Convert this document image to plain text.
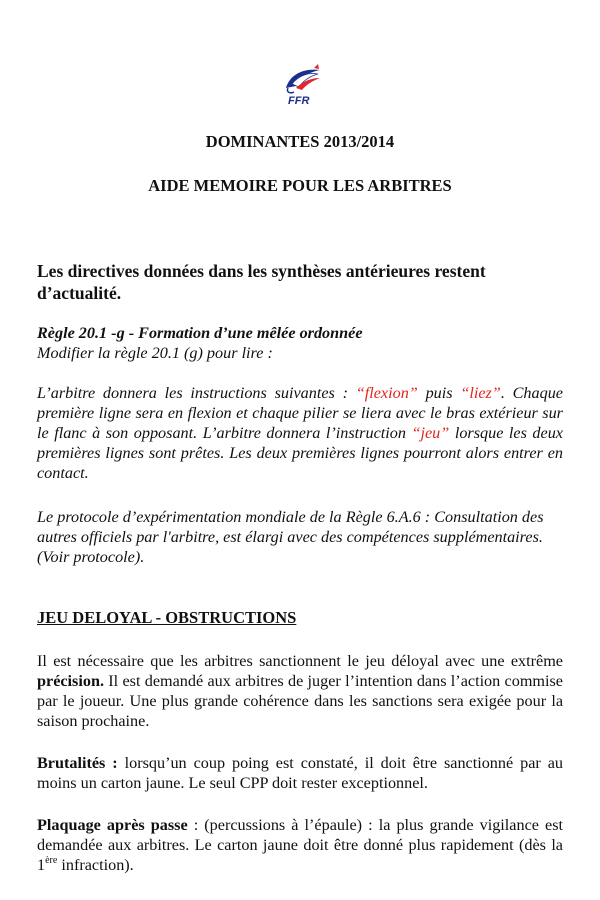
FFR
DOMINANTES 2013/2014
AIDE MEMOIRE POUR LES ARBITRES
Les directives données dans les synthèses antérieures restent d’actualité.
Règle 20.1 -g - Formation d’une mêlée ordonnée
Modifier la règle 20.1 (g) pour lire :
L’arbitre donnera les instructions suivantes : “flexion” puis “liez”. Chaque première ligne sera en flexion et chaque pilier se liera avec le bras extérieur sur le flanc à son opposant. L’arbitre donnera l’instruction “jeu” lorsque les deux premières lignes sont prêtes. Les deux premières lignes pourront alors entrer en contact.
Le protocole d’expérimentation mondiale de la Règle 6.A.6 : Consultation des autres officiels par l'arbitre, est élargi avec des compétences supplémentaires. (Voir protocole).
JEU DELOYAL - OBSTRUCTIONS
Il est nécessaire que les arbitres sanctionnent le jeu déloyal avec une extrême précision. Il est demandé aux arbitres de juger l’intention dans l’action commise par le joueur. Une plus grande cohérence dans les sanctions sera exigée pour la saison prochaine.
Brutalités : lorsqu’un coup poing est constaté, il doit être sanctionné par au moins un carton jaune. Le seul CPP doit rester exceptionnel.
Plaquage après passe : (percussions à l’épaule) : la plus grande vigilance est demandée aux arbitres. Le carton jaune doit être donné plus rapidement (dès la 1ère infraction).
